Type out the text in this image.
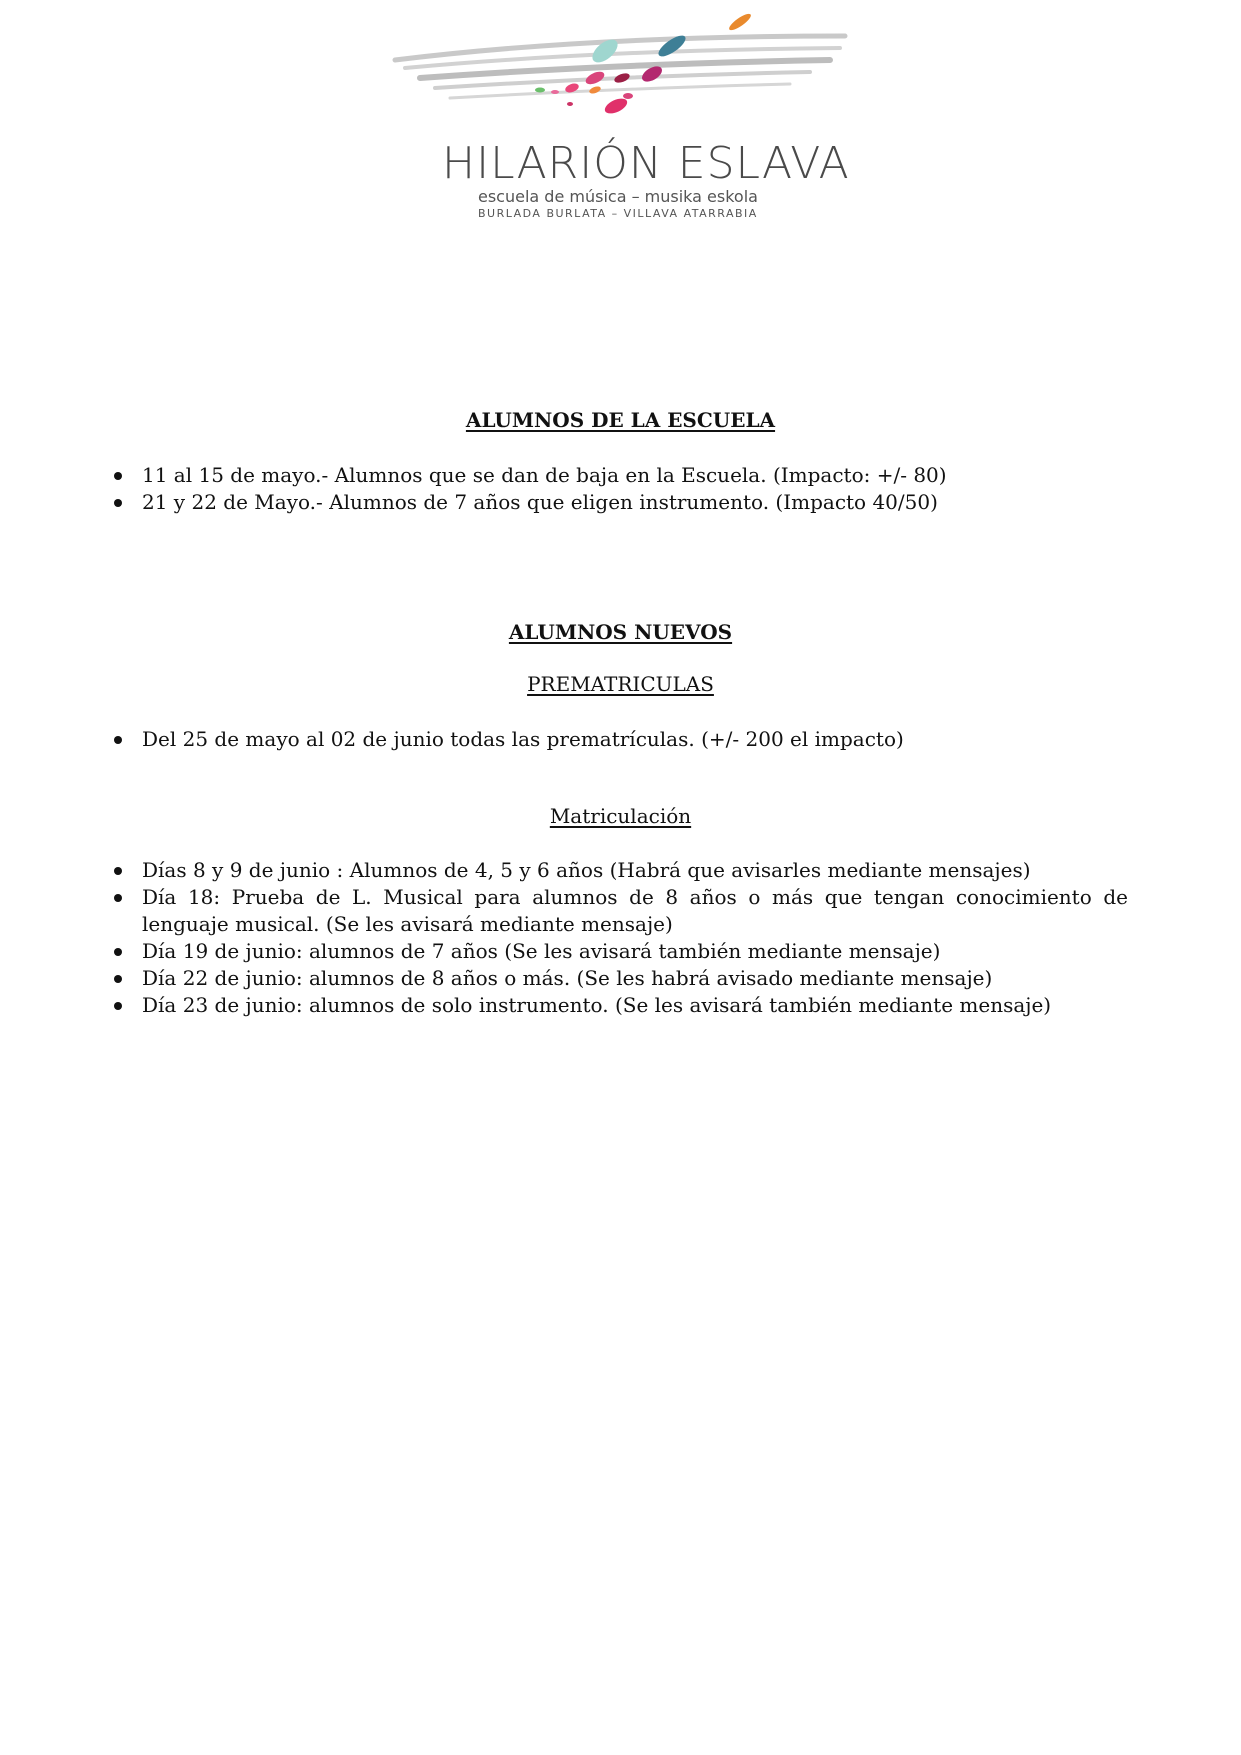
HILARIÓN ESLAVA
escuela de música – musika eskola
BURLADA BURLATA – VILLAVA ATARRABIA
ALUMNOS DE LA ESCUELA
11 al 15 de mayo.- Alumnos que se dan de baja en la Escuela. (Impacto: +/- 80)
21 y 22 de Mayo.- Alumnos de 7 años que eligen instrumento. (Impacto 40/50)
ALUMNOS NUEVOS
PREMATRICULAS
Del 25 de mayo al 02 de junio todas las prematrículas. (+/- 200 el impacto)
Matriculación
Días 8 y 9 de junio : Alumnos de 4, 5 y 6 años (Habrá que avisarles mediante mensajes)
Día 18: Prueba de L. Musical para alumnos de 8 años o más que tengan conocimiento de lenguaje musical. (Se les avisará mediante mensaje)
Día 19 de junio: alumnos de 7 años (Se les avisará también mediante mensaje)
Día 22 de junio: alumnos de 8 años o más. (Se les habrá avisado mediante mensaje)
Día 23 de junio: alumnos de solo instrumento. (Se les avisará también mediante mensaje)
